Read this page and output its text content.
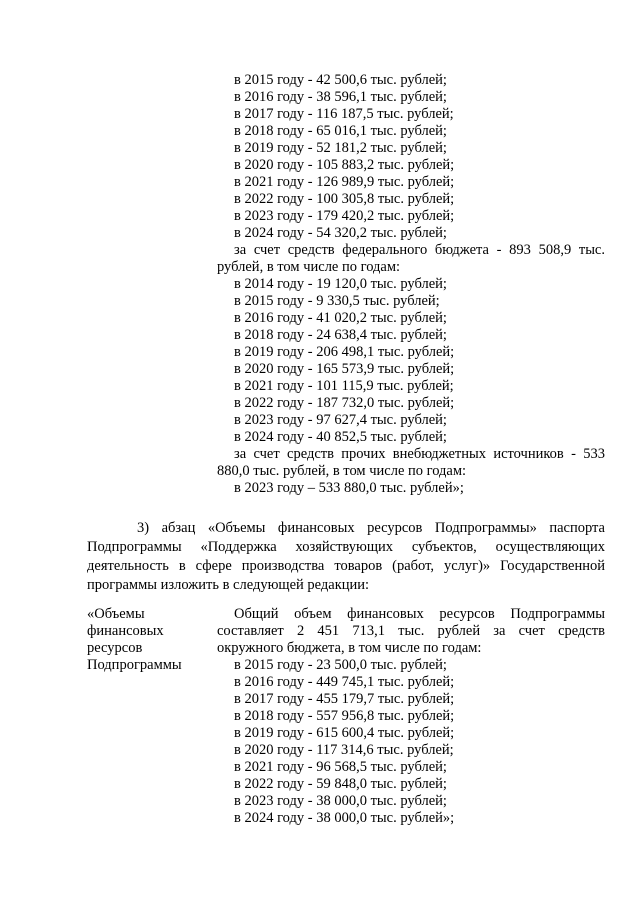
в 2015 году - 42 500,6 тыс. рублей;
в 2016 году - 38 596,1 тыс. рублей;
в 2017 году - 116 187,5 тыс. рублей;
в 2018 году - 65 016,1 тыс. рублей;
в 2019 году - 52 181,2 тыс. рублей;
в 2020 году - 105 883,2 тыс. рублей;
в 2021 году - 126 989,9 тыс. рублей;
в 2022 году - 100 305,8 тыс. рублей;
в 2023 году - 179 420,2 тыс. рублей;
в 2024 году - 54 320,2 тыс. рублей;
за счет средств федерального бюджета - 893 508,9 тыс.
рублей, в том числе по годам:
в 2014 году - 19 120,0 тыс. рублей;
в 2015 году - 9 330,5 тыс. рублей;
в 2016 году - 41 020,2 тыс. рублей;
в 2018 году - 24 638,4 тыс. рублей;
в 2019 году - 206 498,1 тыс. рублей;
в 2020 году - 165 573,9 тыс. рублей;
в 2021 году - 101 115,9 тыс. рублей;
в 2022 году - 187 732,0 тыс. рублей;
в 2023 году - 97 627,4 тыс. рублей;
в 2024 году - 40 852,5 тыс. рублей;
за счет средств прочих внебюджетных источников - 533
880,0 тыс. рублей, в том числе по годам:
в 2023 году – 533 880,0 тыс. рублей»;
3) абзац «Объемы финансовых ресурсов Подпрограммы» паспорта
Подпрограммы «Поддержка хозяйствующих субъектов, осуществляющих
деятельность в сфере производства товаров (работ, услуг)» Государственной
программы изложить в следующей редакции:
«Объемы
финансовых
ресурсов
Подпрограммы
Общий объем финансовых ресурсов Подпрограммы
составляет 2 451 713,1 тыс. рублей за счет средств
окружного бюджета, в том числе по годам:
в 2015 году - 23 500,0 тыс. рублей;
в 2016 году - 449 745,1 тыс. рублей;
в 2017 году - 455 179,7 тыс. рублей;
в 2018 году - 557 956,8 тыс. рублей;
в 2019 году - 615 600,4 тыс. рублей;
в 2020 году - 117 314,6 тыс. рублей;
в 2021 году - 96 568,5 тыс. рублей;
в 2022 году - 59 848,0 тыс. рублей;
в 2023 году - 38 000,0 тыс. рублей;
в 2024 году - 38 000,0 тыс. рублей»;
